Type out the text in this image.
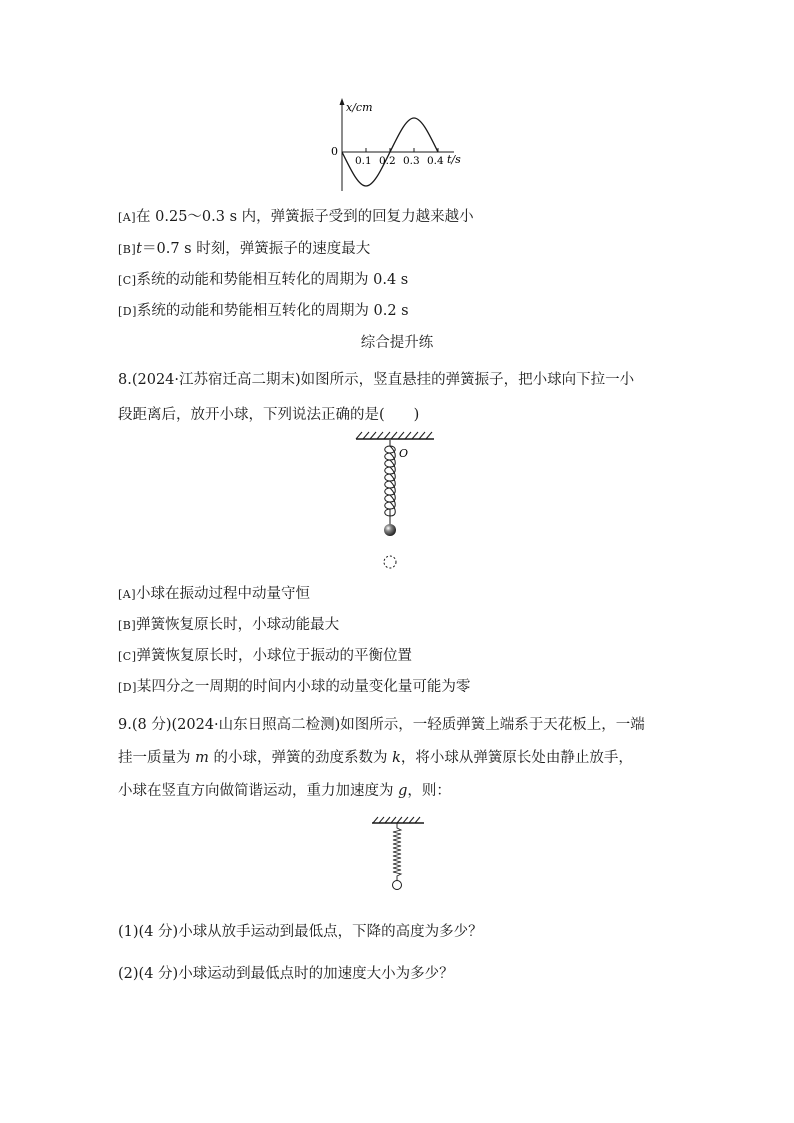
x/cm
0
0.1 0.2 0.3 0.4 t/s
[A]在 0.25～0.3 s 内，弹簧振子受到的回复力越来越小
[B]t＝0.7 s 时刻，弹簧振子的速度最大
[C]系统的动能和势能相互转化的周期为 0.4 s
[D]系统的动能和势能相互转化的周期为 0.2 s
综合提升练
8.(2024·江苏宿迁高二期末)如图所示，竖直悬挂的弹簧振子，把小球向下拉一小
段距离后，放开小球，下列说法正确的是(　　)
O
[A]小球在振动过程中动量守恒
[B]弹簧恢复原长时，小球动能最大
[C]弹簧恢复原长时，小球位于振动的平衡位置
[D]某四分之一周期的时间内小球的动量变化量可能为零
9.(8 分)(2024·山东日照高二检测)如图所示，一轻质弹簧上端系于天花板上，一端
挂一质量为 m 的小球，弹簧的劲度系数为 k，将小球从弹簧原长处由静止放手，
小球在竖直方向做简谐运动，重力加速度为 g，则：
(1)(4 分)小球从放手运动到最低点，下降的高度为多少？
(2)(4 分)小球运动到最低点时的加速度大小为多少？
